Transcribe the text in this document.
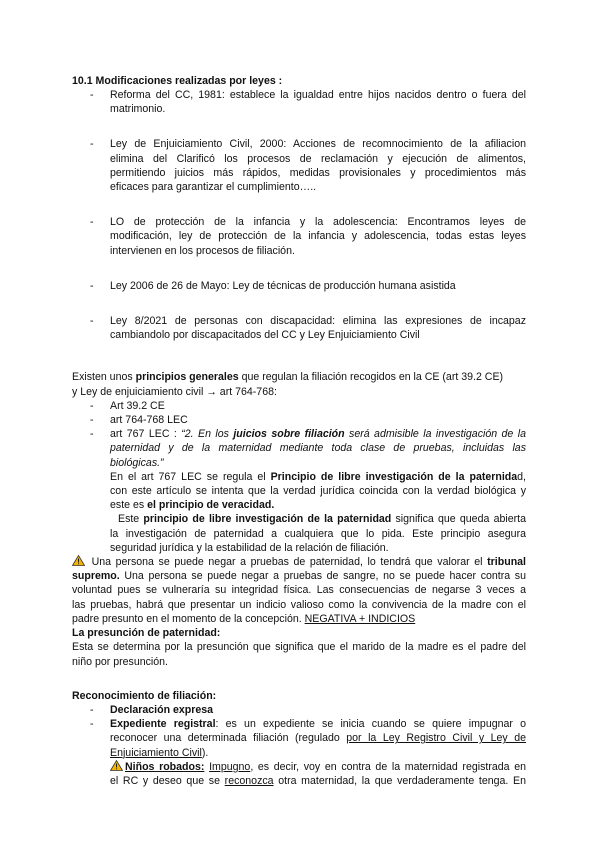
10.1 Modificaciones realizadas por leyes :

- Reforma del CC, 1981: establece la igualdad entre hijos nacidos dentro o fuera del

matrimonio.

- Ley de Enjuiciamiento Civil, 2000: Acciones de recomnocimiento de la afiliacion

elimina del Clarificó los procesos de reclamación y ejecución de alimentos,

permitiendo juicios más rápidos, medidas provisionales y procedimientos más

eficaces para garantizar el cumplimiento…..

- LO de protección de la infancia y la adolescencia: Encontramos leyes de

modificación, ley de protección de la infancia y adolescencia, todas estas leyes

intervienen en los procesos de filiación.

- Ley 2006 de 26 de Mayo: Ley de técnicas de producción humana asistida

- Ley 8/2021 de personas con discapacidad: elimina las expresiones de incapaz

cambiandolo por discapacitados del CC y Ley Enjuiciamiento Civil

Existen unos principios generales que regulan la filiación recogidos en la CE (art 39.2 CE)

y Ley de enjuiciamiento civil → art 764-768:

- Art 39.2 CE

- art 764-768 LEC

- art 767 LEC : “2. En los juicios sobre filiación será admisible la investigación de la

paternidad y de la maternidad mediante toda clase de pruebas, incluidas las

biológicas.”

En el art 767 LEC se regula el Principio de libre investigación de la paternidad,

con este artículo se intenta que la verdad jurídica coincida con la verdad biológica y

este es el principio de veracidad.

Este principio de libre investigación de la paternidad significa que queda abierta

la investigación de paternidad a cualquiera que lo pida. Este principio asegura

seguridad jurídica y la estabilidad de la relación de filiación.

Una persona se puede negar a pruebas de paternidad, lo tendrá que valorar el tribunal

supremo. Una persona se puede negar a pruebas de sangre, no se puede hacer contra su

voluntad pues se vulneraría su integridad física. Las consecuencias de negarse 3 veces a

las pruebas, habrá que presentar un indicio valioso como la convivencia de la madre con el

padre presunto en el momento de la concepción. NEGATIVA + INDICIOS

La presunción de paternidad:

Esta se determina por la presunción que significa que el marido de la madre es el padre del

niño por presunción.

Reconocimiento de filiación:

- Declaración expresa

- Expediente registral: es un expediente se inicia cuando se quiere impugnar o

reconocer una determinada filiación (regulado por la Ley Registro Civil y Ley de

Enjuiciamiento Civil).

Niños robados: Impugno, es decir, voy en contra de la maternidad registrada en

el RC y deseo que se reconozca otra maternidad, la que verdaderamente tenga. En
